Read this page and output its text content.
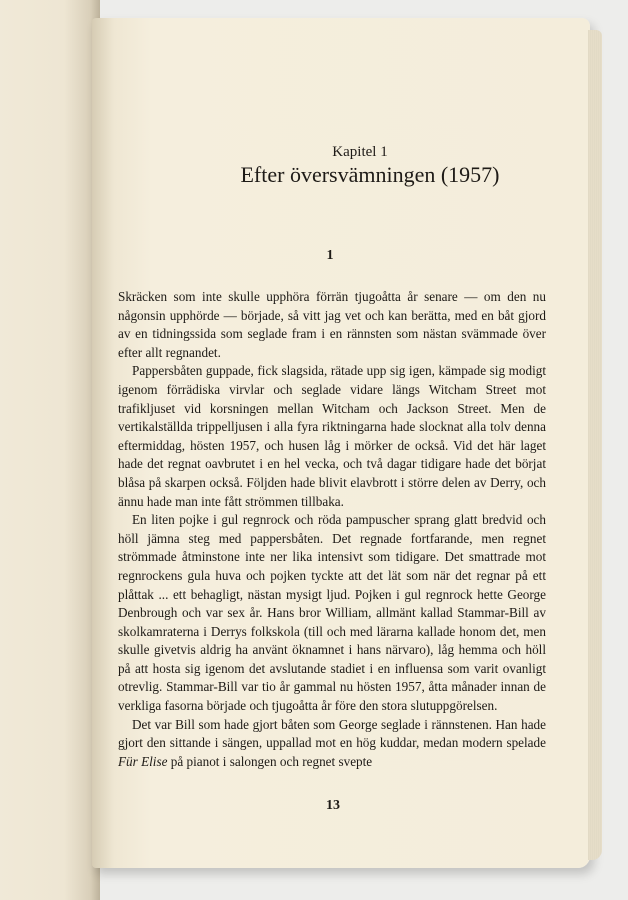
Kapitel 1
Efter översvämningen (1957)
1

Skräcken som inte skulle upphöra förrän tjugoåtta år senare — om den nu någonsin upphörde — började, så vitt jag vet och kan berätta, med en båt gjord av en tidningssida som seglade fram i en rännsten som nästan svämmade över efter allt regnandet.

Pappersbåten guppade, fick slagsida, rätade upp sig igen, kämpade sig modigt igenom förrädiska virvlar och seglade vidare längs Witcham Street mot trafikljuset vid korsningen mellan Witcham och Jackson Street. Men de vertikalställda trippelljusen i alla fyra riktningarna hade slocknat alla tolv denna eftermiddag, hösten 1957, och husen låg i mörker de också. Vid det här laget hade det regnat oavbrutet i en hel vecka, och två dagar tidigare hade det börjat blåsa på skarpen också. Följden hade blivit elavbrott i större delen av Derry, och ännu hade man inte fått strömmen tillbaka.

En liten pojke i gul regnrock och röda pampuscher sprang glatt bredvid och höll jämna steg med pappersbåten. Det regnade fortfarande, men regnet strömmade åtminstone inte ner lika intensivt som tidigare. Det smattrade mot regnrockens gula huva och pojken tyckte att det lät som när det regnar på ett plåttak ... ett behagligt, nästan mysigt ljud. Pojken i gul regnrock hette George Denbrough och var sex år. Hans bror William, allmänt kallad Stammar-Bill av skolkamraterna i Derrys folkskola (till och med lärarna kallade honom det, men skulle givetvis aldrig ha använt öknamnet i hans närvaro), låg hemma och höll på att hosta sig igenom det avslutande stadiet i en influensa som varit ovanligt otrevlig. Stammar-Bill var tio år gammal nu hösten 1957, åtta månader innan de verkliga fasorna började och tjugoåtta år före den stora slutuppgörelsen.

Det var Bill som hade gjort båten som George seglade i rännstenen. Han hade gjort den sittande i sängen, uppallad mot en hög kuddar, medan modern spelade Für Elise på pianot i salongen och regnet svepte

13
